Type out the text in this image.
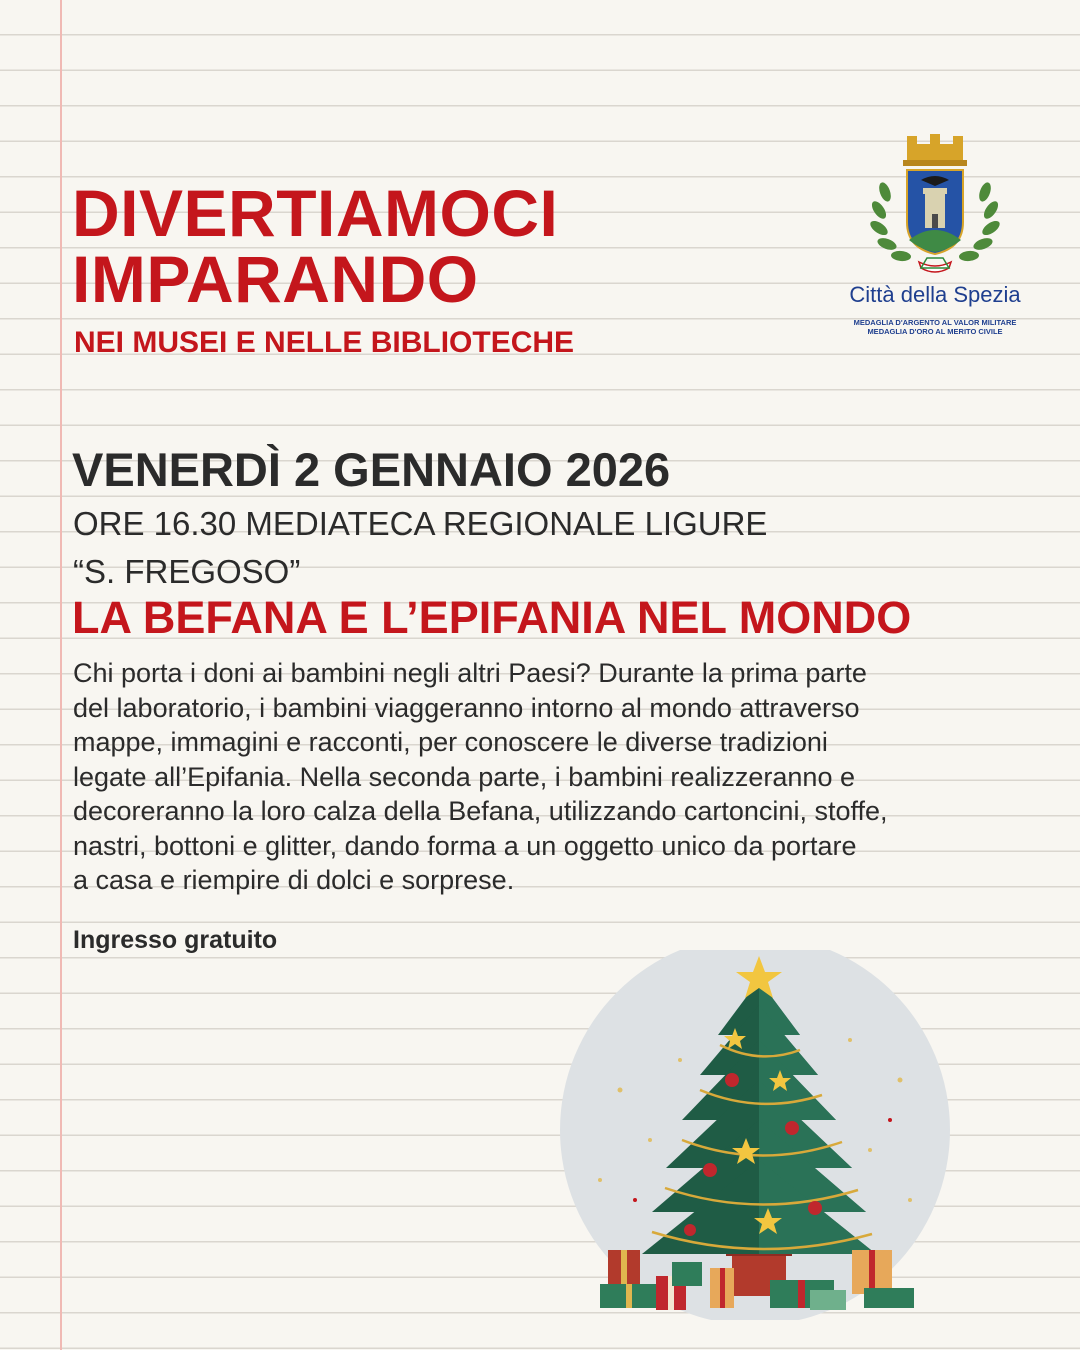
DIVERTIAMOCI
IMPARANDO
NEI MUSEI E NELLE BIBLIOTECHE
Città della Spezia
MEDAGLIA D'ARGENTO AL VALOR MILITARE
MEDAGLIA D'ORO AL MERITO CIVILE
VENERDÌ 2 GENNAIO 2026
ORE 16.30 MEDIATECA REGIONALE LIGURE
“S. FREGOSO”
LA BEFANA E L’EPIFANIA NEL MONDO
Chi porta i doni ai bambini negli altri Paesi? Durante la prima parte
del laboratorio, i bambini viaggeranno intorno al mondo attraverso
mappe, immagini e racconti, per conoscere le diverse tradizioni
legate all’Epifania. Nella seconda parte, i bambini realizzeranno e
decoreranno la loro calza della Befana, utilizzando cartoncini, stoffe,
nastri, bottoni e glitter, dando forma a un oggetto unico da portare
a casa e riempire di dolci e sorprese.
Ingresso gratuito
